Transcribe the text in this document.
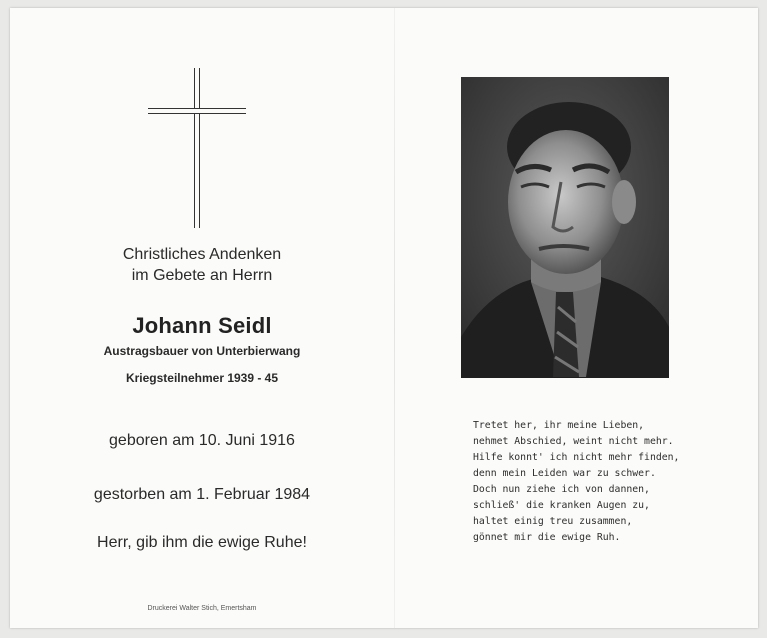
Christliches Andenken
im Gebete an Herrn
Johann Seidl
Austragsbauer von Unterbierwang
Kriegsteilnehmer 1939 - 45
geboren am 10. Juni 1916
gestorben am 1. Februar 1984
Herr, gib ihm die ewige Ruhe!
Druckerei Walter Stich, Emertsham
Tretet her, ihr meine Lieben,
nehmet Abschied, weint nicht mehr.
Hilfe konnt' ich nicht mehr finden,
denn mein Leiden war zu schwer.
Doch nun ziehe ich von dannen,
schließ' die kranken Augen zu,
haltet einig treu zusammen,
gönnet mir die ewige Ruh.
